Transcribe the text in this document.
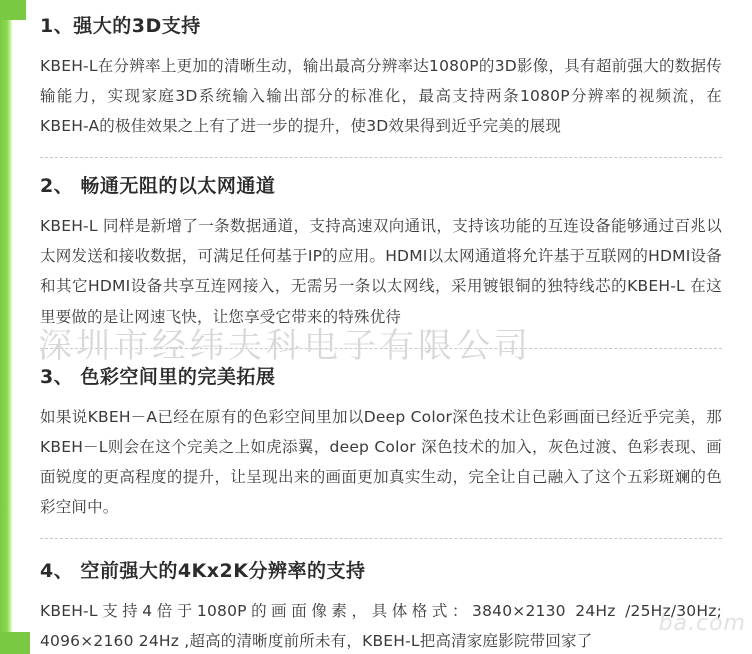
深圳市经纬夫科电子有限公司
ba.com
1、强大的3D支持

KBEH-L在分辨率上更加的清晰生动，输出最高分辨率达1080P的3D影像，具有超前强大的数据传输能力，实现家庭3D系统输入输出部分的标准化，最高支持两条1080P分辨率的视频流，在KBEH-A的极佳效果之上有了进一步的提升，使3D效果得到近乎完美的展现

2、 畅通无阻的以太网通道

KBEH-L 同样是新增了一条数据通道，支持高速双向通讯，支持该功能的互连设备能够通过百兆以太网发送和接收数据，可满足任何基于IP的应用。HDMI以太网通道将允许基于互联网的HDMI设备和其它HDMI设备共享互连网接入，无需另一条以太网线，采用镀银铜的独特线芯的KBEH-L 在这里要做的是让网速飞快，让您享受它带来的特殊优待

3、 色彩空间里的完美拓展

如果说KBEH－A已经在原有的色彩空间里加以Deep Color深色技术让色彩画面已经近乎完美，那KBEH－L则会在这个完美之上如虎添翼，deep Color 深色技术的加入，灰色过渡、色彩表现、画面锐度的更高程度的提升，让呈现出来的画面更加真实生动，完全让自己融入了这个五彩斑斓的色彩空间中。

4、 空前强大的4Kx2K分辨率的支持

KBEH-L支持4倍于1080P的画面像素，具体格式：3840×2130 24Hz /25Hz/30Hz; 4096×2160 24Hz ,超高的清晰度前所未有，KBEH-L把高清家庭影院带回家了
